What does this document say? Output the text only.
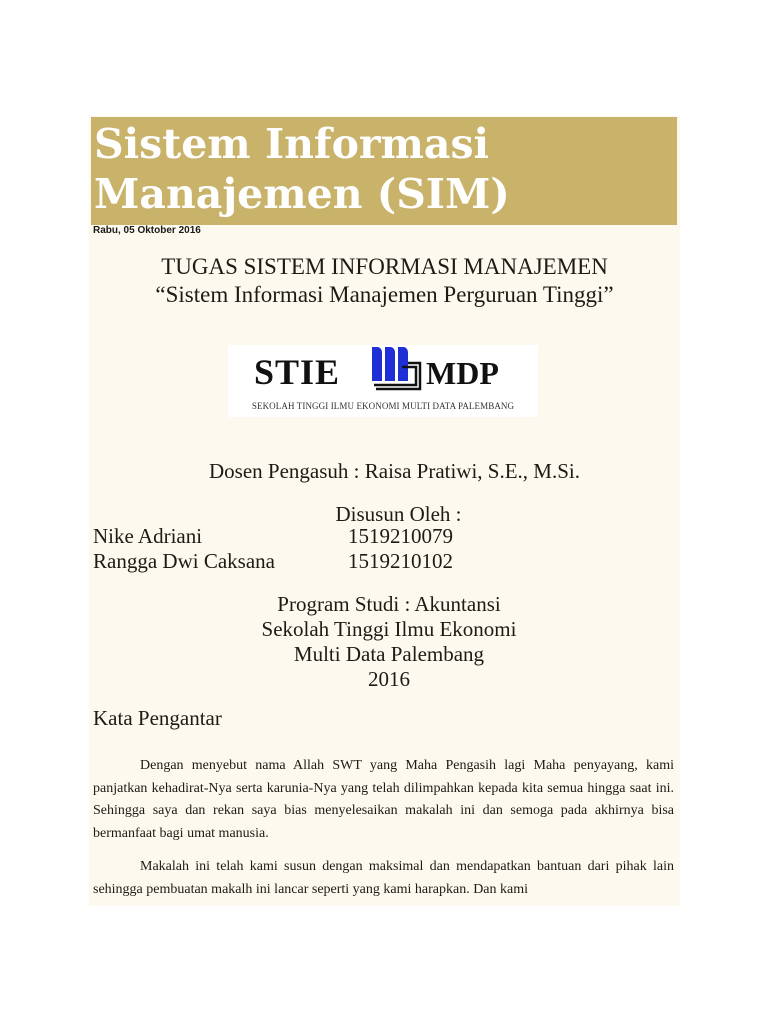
Sistem Informasi
Manajemen (SIM)
Rabu, 05 Oktober 2016
TUGAS SISTEM INFORMASI MANAJEMEN
“Sistem Informasi Manajemen Perguruan Tinggi”
STIE	MDP
SEKOLAH TINGGI ILMU EKONOMI MULTI DATA PALEMBANG
Dosen Pengasuh : Raisa Pratiwi, S.E., M.Si.
Disusun Oleh :
Nike Adriani	1519210079
Rangga Dwi Caksana	1519210102
Program Studi : Akuntansi
Sekolah Tinggi Ilmu Ekonomi
Multi Data Palembang
2016
Kata Pengantar

Dengan menyebut nama Allah SWT yang Maha Pengasih lagi Maha penyayang, kami panjatkan kehadirat-Nya serta karunia-Nya yang telah dilimpahkan kepada kita semua hingga saat ini. Sehingga saya dan rekan saya bias menyelesaikan makalah ini dan semoga pada akhirnya bisa bermanfaat bagi umat manusia.

Makalah ini telah kami susun dengan maksimal dan mendapatkan bantuan dari pihak lain sehingga pembuatan makalh ini lancar seperti yang kami harapkan. Dan kami
